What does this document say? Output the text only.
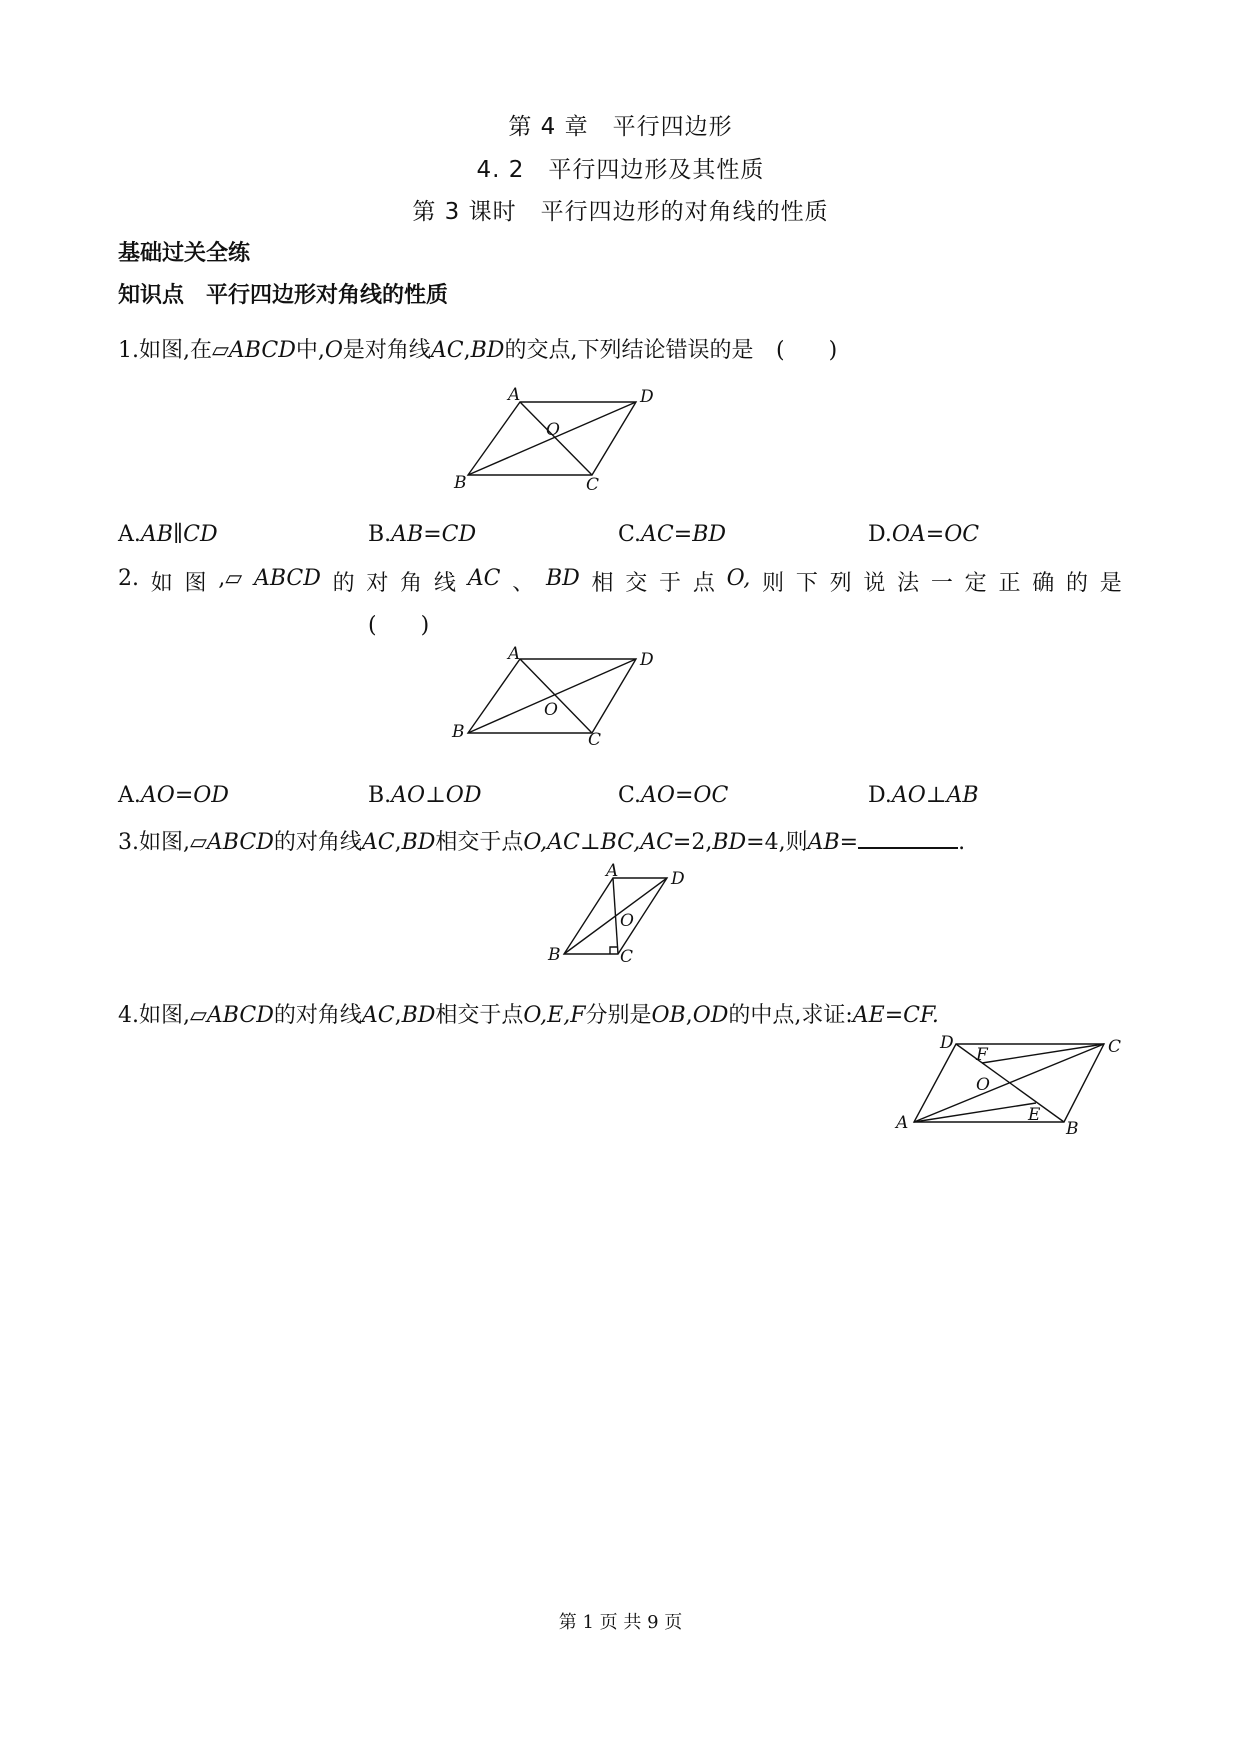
第 4 章　平行四边形
4. 2　平行四边形及其性质
第 3 课时　平行四边形的对角线的性质
基础过关全练
知识点　平行四边形对角线的性质
1.如图,在▱ABCD中,O是对角线AC,BD的交点,下列结论错误的是 (　　)
A	D
O
B	C
A.AB∥CD	B.AB=CD	C.AC=BD	D.OA=OC
2. 如 图 ,▱ ABCD 的 对 角 线 AC 、 BD 相 交 于 点 O, 则 下 列 说 法 一 定 正 确 的 是
(　　)
A	D
O
B	C
A.AO=OD	B.AO⊥OD	C.AO=OC	D.AO⊥AB
3.如图,▱ABCD的对角线AC,BD相交于点O,AC⊥BC,AC=2,BD=4,则AB=	.
A	D
O
B	C
4.如图,▱ABCD的对角线AC,BD相交于点O,E,F分别是OB,OD的中点,求证:AE=CF.
D	C
F
O
E
A	B
第 1 页 共 9 页
